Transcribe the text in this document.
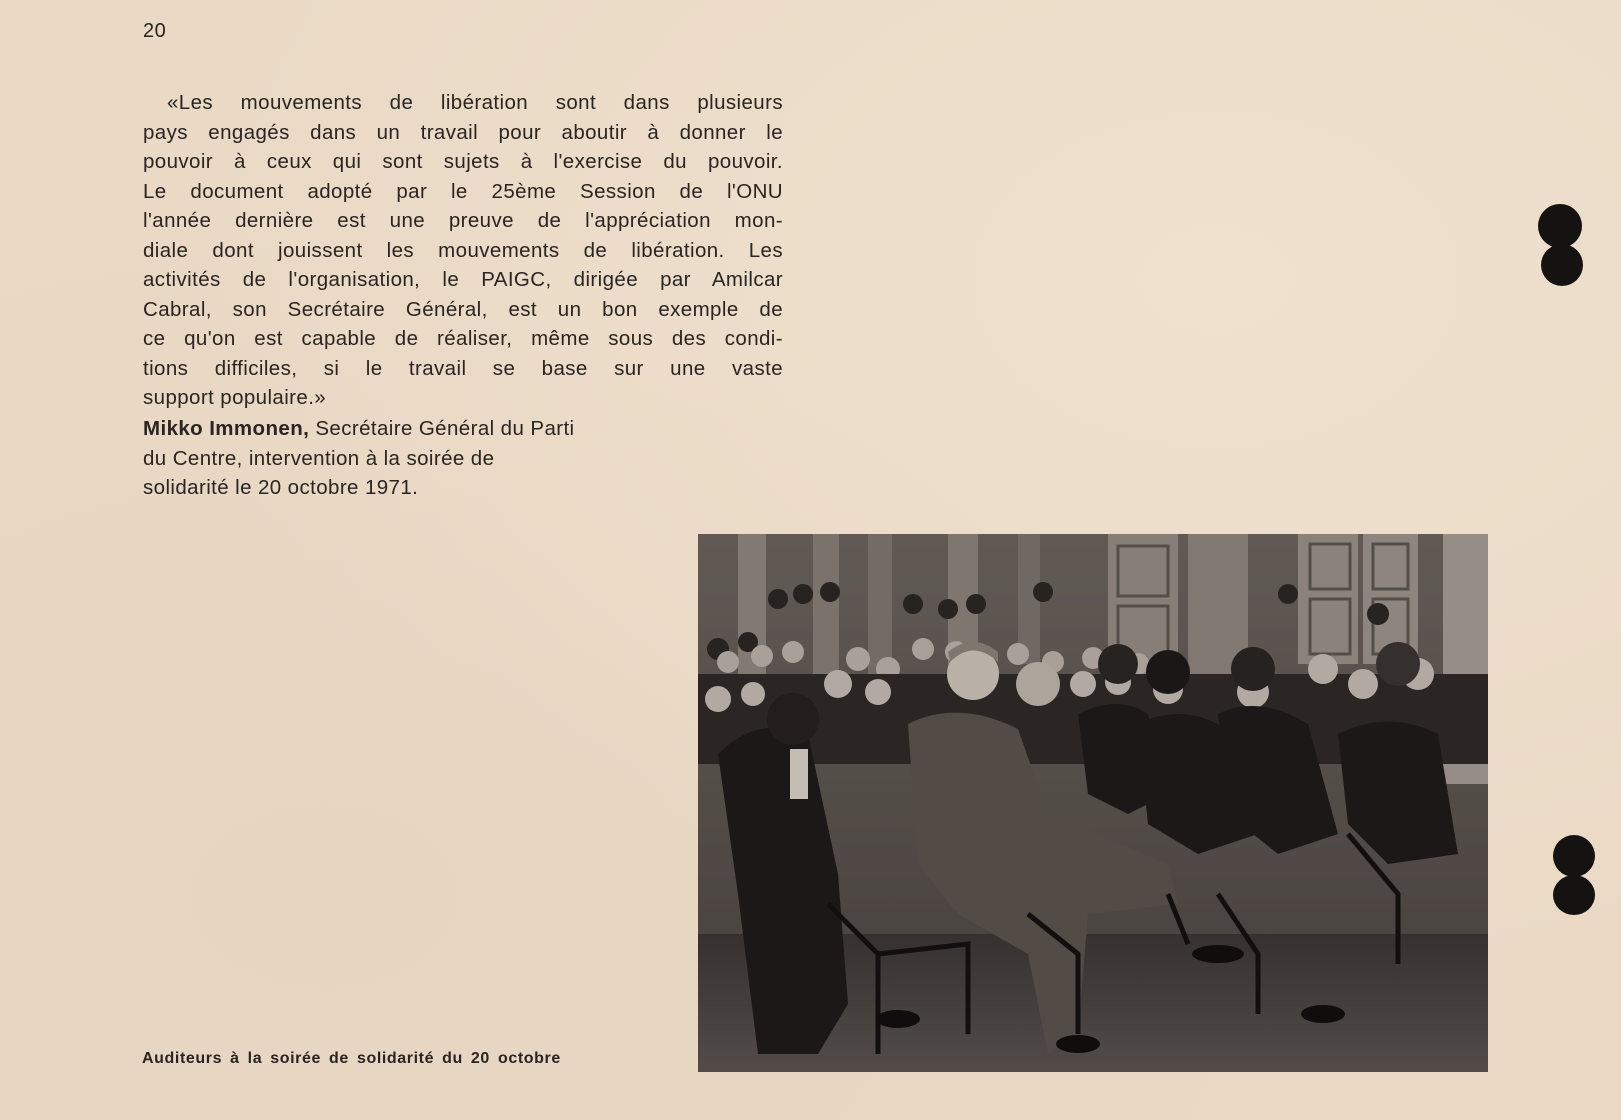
20
«Les mouvements de libération sont dans plusieurs
pays engagés dans un travail pour aboutir à donner le
pouvoir à ceux qui sont sujets à l'exercise du pouvoir.
Le document adopté par le 25ème Session de l'ONU
l'année dernière est une preuve de l'appréciation mon-
diale dont jouissent les mouvements de libération. Les
activités de l'organisation, le PAIGC, dirigée par Amilcar
Cabral, son Secrétaire Général, est un bon exemple de
ce qu'on est capable de réaliser, même sous des condi-
tions difficiles, si le travail se base sur une vaste
support populaire.»
Mikko Immonen, Secrétaire Général du Parti
du Centre, intervention à la soirée de
solidarité le 20 octobre 1971.
Auditeurs à la soirée de solidarité du 20 octobre
